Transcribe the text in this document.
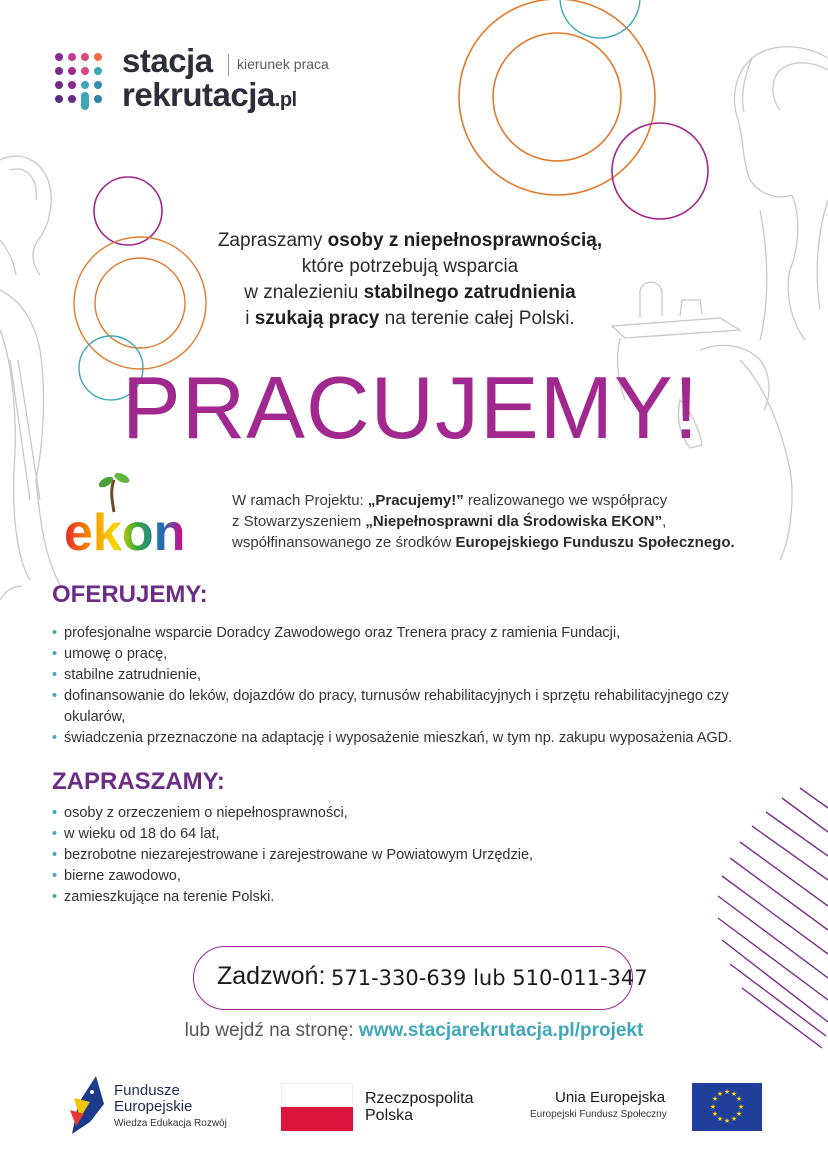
stacja kierunek praca
rekrutacja.pl
Zapraszamy osoby z niepełnosprawnością,
które potrzebują wsparcia
w znalezieniu stabilnego zatrudnienia
i szukają pracy na terenie całej Polski.
PRACUJEMY!
ekon
W ramach Projektu: „Pracujemy!” realizowanego we współpracy
z Stowarzyszeniem „Niepełnosprawni dla Środowiska EKON”,
współfinansowanego ze środków Europejskiego Funduszu Społecznego.
OFERUJEMY:
• profesjonalne wsparcie Doradcy Zawodowego oraz Trenera pracy z ramienia Fundacji,
• umowę o pracę,
• stabilne zatrudnienie,
• dofinansowanie do leków, dojazdów do pracy, turnusów rehabilitacyjnych i sprzętu rehabilitacyjnego czy okularów,
• świadczenia przeznaczone na adaptację i wyposażenie mieszkań, w tym np. zakupu wyposażenia AGD.
ZAPRASZAMY:
• osoby z orzeczeniem o niepełnosprawności,
• w wieku od 18 do 64 lat,
• bezrobotne niezarejestrowane i zarejestrowane w Powiatowym Urzędzie,
• bierne zawodowo,
• zamieszkujące na terenie Polski.
Zadzwoń: 571-330-639 lub 510-011-347
lub wejdź na stronę: www.stacjarekrutacja.pl/projekt
Fundusze
Europejskie
Wiedza Edukacja Rozwój
Rzeczpospolita
Polska
Unia Europejska
Europejski Fundusz Społeczny
★ ★
★
★
★
★
★
★
★
★
★
★
